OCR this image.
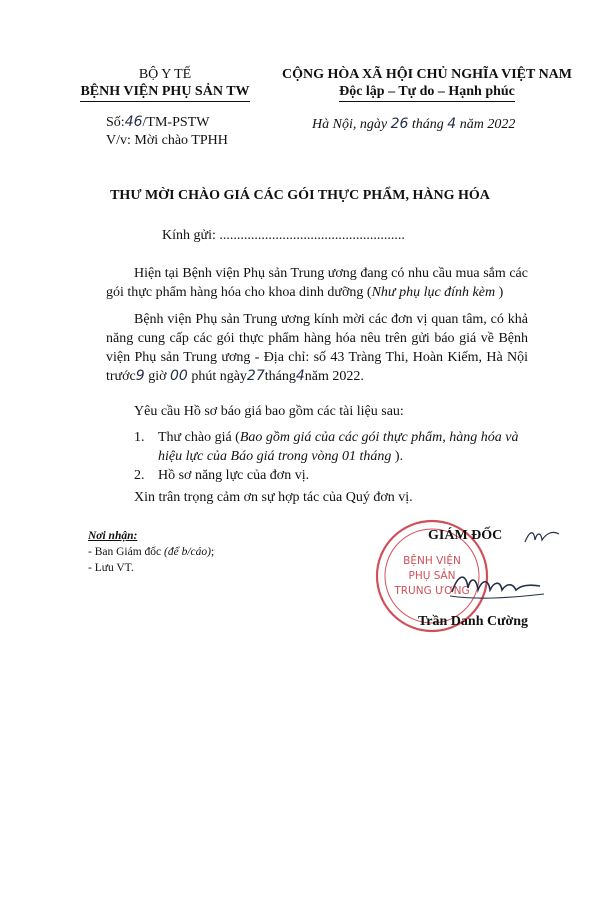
BỘ Y TẾ
BỆNH VIỆN PHỤ SẢN TW
Số:46/TM-PSTW
V/v: Mời chào TPHH
CỘNG HÒA XÃ HỘI CHỦ NGHĨA VIỆT NAM
Độc lập – Tự do – Hạnh phúc
Hà Nội, ngày 26 tháng 4 năm 2022
THƯ MỜI CHÀO GIÁ CÁC GÓI THỰC PHẨM, HÀNG HÓA
Kính gửi: .....................................................
Hiện tại Bệnh viện Phụ sản Trung ương đang có nhu cầu mua sắm các gói thực phẩm hàng hóa cho khoa dinh dưỡng (Như phụ lục đính kèm )
Bệnh viện Phụ sản Trung ương kính mời các đơn vị quan tâm, có khả năng cung cấp các gói thực phẩm hàng hóa nêu trên gửi báo giá về Bệnh viện Phụ sản Trung ương - Địa chỉ: số 43 Tràng Thi, Hoàn Kiếm, Hà Nội trước9 giờ 00 phút ngày27tháng4năm 2022.
Yêu cầu Hồ sơ báo giá bao gồm các tài liệu sau:
1. Thư chào giá (Bao gồm giá của các gói thực phẩm, hàng hóa và hiệu lực của Báo giá trong vòng 01 tháng ).
2. Hồ sơ năng lực của đơn vị.
Xin trân trọng cảm ơn sự hợp tác của Quý đơn vị.
Nơi nhận:
- Ban Giám đốc (để b/cáo);
- Lưu VT.
BỆNH VIỆN
PHỤ SẢN
TRUNG ƯƠNG
GIÁM ĐỐC
Trần Danh Cường
